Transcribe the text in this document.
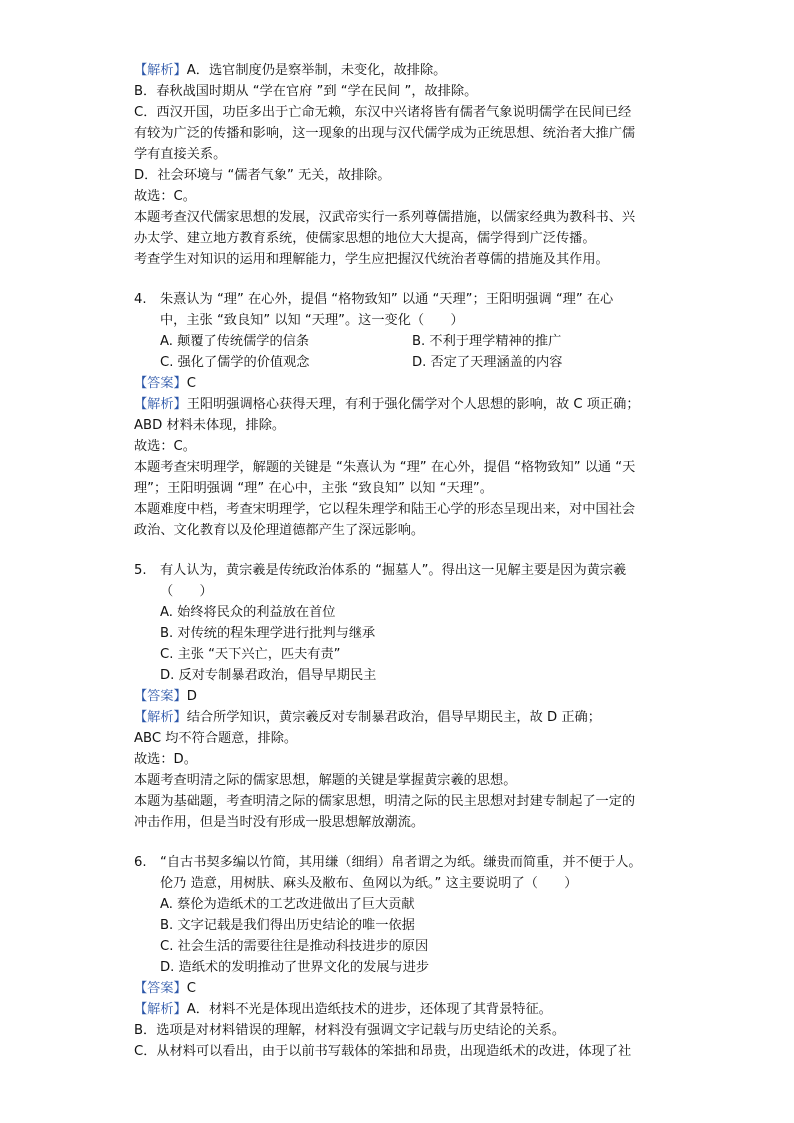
【解析】A．选官制度仍是察举制，未变化，故排除。
B．春秋战国时期从 “学在官府 ”到 “学在民间 ”，故排除。
C．西汉开国，功臣多出于亡命无赖，东汉中兴诸将皆有儒者气象说明儒学在民间已经
有较为广泛的传播和影响，这一现象的出现与汉代儒学成为正统思想、统治者大推广儒
学有直接关系。
D．社会环境与 “儒者气象” 无关，故排除。
故选：C。
本题考查汉代儒家思想的发展，汉武帝实行一系列尊儒措施，以儒家经典为教科书、兴
办太学、建立地方教育系统，使儒家思想的地位大大提高，儒学得到广泛传播。
考查学生对知识的运用和理解能力，学生应把握汉代统治者尊儒的措施及其作用。
4. 朱熹认为 “理” 在心外，提倡 “格物致知” 以通 “天理”；王阳明强调 “理” 在心
中，主张 “致良知” 以知 “天理”。这一变化（　　）
A. 颠覆了传统儒学的信条	B. 不利于理学精神的推广
C. 强化了儒学的价值观念	D. 否定了天理涵盖的内容
【答案】C
【解析】王阳明强调格心获得天理，有利于强化儒学对个人思想的影响，故 C 项正确；
ABD 材料未体现，排除。
故选：C。
本题考查宋明理学，解题的关键是 “朱熹认为 “理” 在心外，提倡 “格物致知” 以通 “天
理”；王阳明强调 “理” 在心中，主张 “致良知” 以知 “天理”。
本题难度中档，考查宋明理学，它以程朱理学和陆王心学的形态呈现出来，对中国社会
政治、文化教育以及伦理道德都产生了深远影响。
5. 有人认为，黄宗羲是传统政治体系的 “掘墓人”。得出这一见解主要是因为黄宗羲
（　　）
A. 始终将民众的利益放在首位
B. 对传统的程朱理学进行批判与继承
C. 主张 “天下兴亡，匹夫有责”
D. 反对专制暴君政治，倡导早期民主
【答案】D
【解析】结合所学知识，黄宗羲反对专制暴君政治，倡导早期民主，故 D 正确；
ABC 均不符合题意，排除。
故选：D。
本题考查明清之际的儒家思想，解题的关键是掌握黄宗羲的思想。
本题为基础题，考查明清之际的儒家思想，明清之际的民主思想对封建专制起了一定的
冲击作用，但是当时没有形成一股思想解放潮流。
6. “自古书契多编以竹简，其用缣（细绢）帛者谓之为纸。缣贵而简重，并不便于人。
伦乃 造意，用树肤、麻头及敝布、鱼网以为纸。” 这主要说明了（　　）
A. 蔡伦为造纸术的工艺改进做出了巨大贡献
B. 文字记载是我们得出历史结论的唯一依据
C. 社会生活的需要往往是推动科技进步的原因
D. 造纸术的发明推动了世界文化的发展与进步
【答案】C
【解析】A．材料不光是体现出造纸技术的进步，还体现了其背景特征。
B．选项是对材料错误的理解，材料没有强调文字记载与历史结论的关系。
C．从材料可以看出，由于以前书写载体的笨拙和昂贵，出现造纸术的改进，体现了社
